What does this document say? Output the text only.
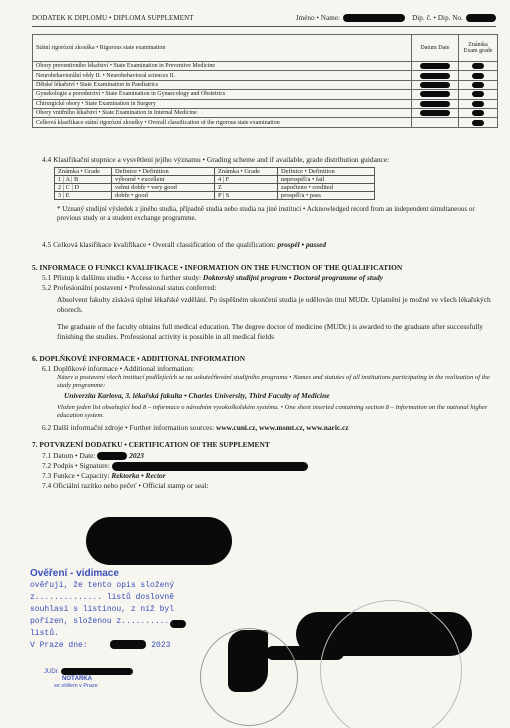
DODATEK K DIPLOMU • DIPLOMA SUPPLEMENT	Jméno • Name:	Dip. č. • Dip. No.
Státní rigorózní zkouška • Rigorous state examination	Datum Date	Známka Exam grade
Obory preventivního lékařství • State Examination in Preventive Medicine	

Neurobehaviorální vědy II. • Neurobehavioral sciences II.	

Dětské lékařství • State Examination in Paediatrics	

Gynekologie a porodnictví • State Examination in Gynaecology and Obstetrics	

Chirurgické obory • State Examination in Surgery	

Obory vnitřního lékařství • State Examination in Internal Medicine	

Celková klasifikace státní rigorózní zkoušky • Overall classification of the rigorous state examination		
4.4 Klasifikační stupnice a vysvětlení jejího významu • Grading scheme and if available, grade distribution guidance:
Známka • Grade	Definice • Definition	Známka • Grade	Definice • Definition
1 | A | B	výborně • excellent	4 | F	neprospěl/a • fail
2 | C | D	velmi dobře • very good	Z	započteno • credited
3 | E	dobře • good	P | S	prospěl/a • pass
* Uznaný studijní výsledek z jiného studia, případně studia nebo studia na jiné instituci • Acknowledged record from an independent simultaneous or previous study or a student exchange programme.
4.5 Celková klasifikace kvalifikace • Overall classification of the qualification: prospěl • passed
5. INFORMACE O FUNKCI KVALIFIKACE • INFORMATION ON THE FUNCTION OF THE QUALIFICATION
5.1 Přístup k dalšímu studiu • Access to further study: Doktorský studijní program • Doctoral programme of study
5.2 Profesionální postavení • Professional status conferred:
Absolvent fakulty získává úplné lékařské vzdělání. Po úspěšném ukončení studia je udělován titul MUDr. Uplatnění je možné ve všech lékařských oborech.
The graduate of the faculty obtains full medical education. The degree doctor of medicine (MUDr.) is awarded to the graduate after successfully finishing the studies. Professional activity is possible in all medical fields
6. DOPLŇKOVÉ INFORMACE • ADDITIONAL INFORMATION
6.1 Doplňkové informace • Additional information:
Název a postavení všech institucí podílejících se na uskutečňování studijního programu • Names and statutes of all institutions participating in the realization of the study programme:
Univerzita Karlova, 3. lékařská fakulta • Charles University, Third Faculty of Medicine
Vložen jeden list obsahující bod 8 – informace o národním vysokoškolském systému. • One sheet inserted containing section 8 – Information on the national higher education system.
6.2 Další informační zdroje • Further information sources: www.cuni.cz, www.msmt.cz, www.naric.cz
7. POTVRZENÍ DODATKU • CERTIFICATION OF THE SUPPLEMENT
7.1 Datum • Date:	2023
7.2 Podpis • Signature:
7.3 Funkce • Capacity: Rektorka • Rector
7.4 Oficiální razítko nebo pečeť • Official stamp or seal:
Ověření - vidimace
ověřuji, že tento opis složený
z.............. listů doslovně
souhlasí s listinou, z níž byl
pořízen, složenou z...........
listů.
V Praze dne:	2023
JUDr.
NOTÁŘKA
se sídlem v Praze
